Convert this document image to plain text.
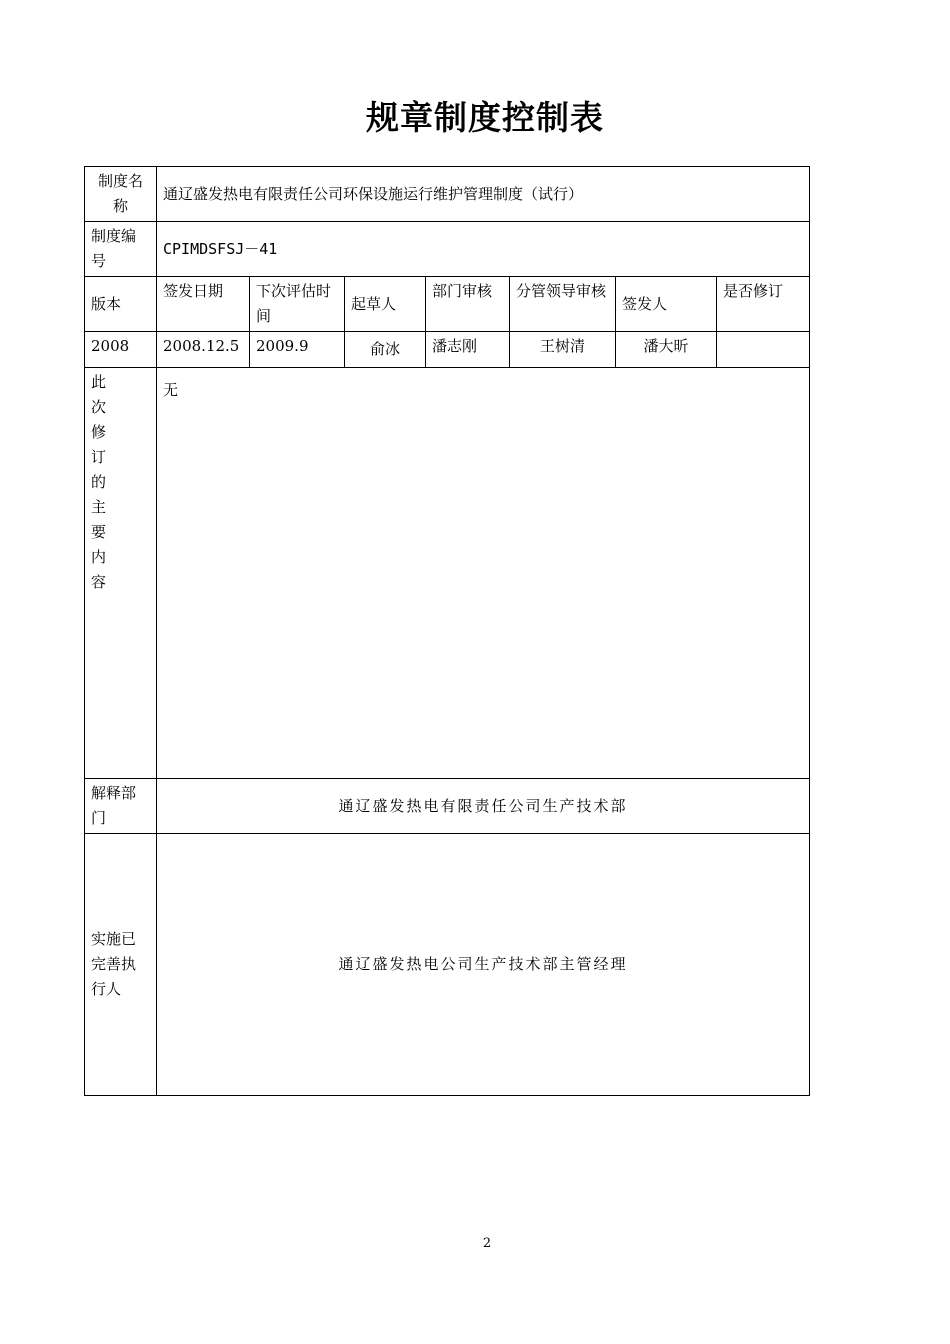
规章制度控制表
制度名称	通辽盛发热电有限责任公司环保设施运行维护管理制度（试行）						
制度编号	CPIMDSFSJ－41						
版本	签发日期	下次评估时间	起草人	部门审核	分管领导审核	签发人	是否修订
2008	2008.12.5	2009.9	俞冰	潘志刚	王树清	潘大昕	

此次修订的主要内容	无						
解释部门	通辽盛发热电有限责任公司生产技术部						
实施已完善执行人	通辽盛发热电公司生产技术部主管经理						
2
